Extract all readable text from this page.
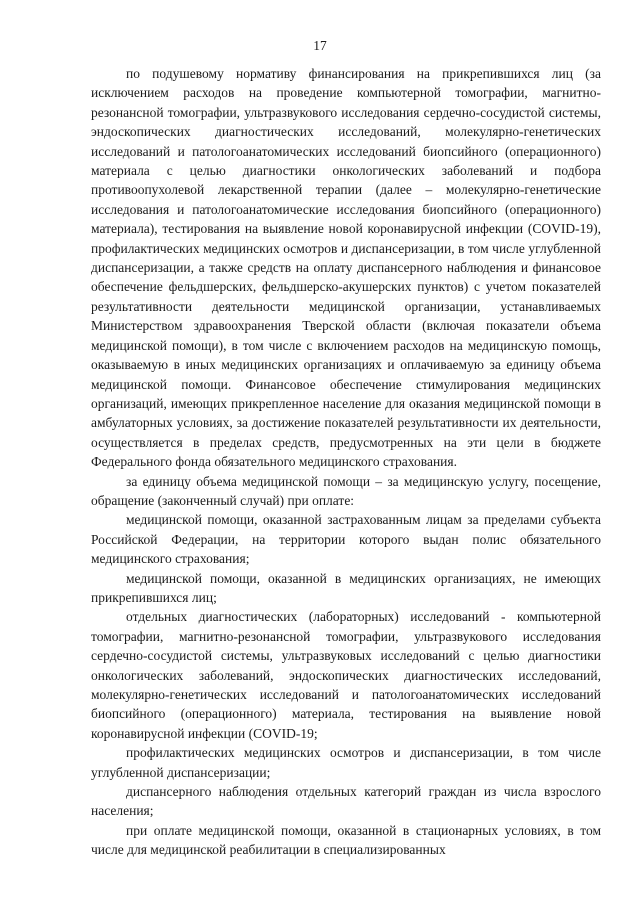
17

по подушевому нормативу финансирования на прикрепившихся лиц (за исключением расходов на проведение компьютерной томографии, магнитно-резонансной томографии, ультразвукового исследования сердечно-сосудистой системы, эндоскопических диагностических исследований, молекулярно-генетических исследований и патологоанатомических исследований биопсийного (операционного) материала с целью диагностики онкологических заболеваний и подбора противоопухолевой лекарственной терапии (далее – молекулярно-генетические исследования и патологоанатомические исследования биопсийного (операционного) материала), тестирования на выявление новой коронавирусной инфекции (COVID-19), профилактических медицинских осмотров и диспансеризации, в том числе углубленной диспансеризации, а также средств на оплату диспансерного наблюдения и финансовое обеспечение фельдшерских, фельдшерско-акушерских пунктов) с учетом показателей результативности деятельности медицинской организации, устанавливаемых Министерством здравоохранения Тверской области (включая показатели объема медицинской помощи), в том числе с включением расходов на медицинскую помощь, оказываемую в иных медицинских организациях и оплачиваемую за единицу объема медицинской помощи. Финансовое обеспечение стимулирования медицинских организаций, имеющих прикрепленное население для оказания медицинской помощи в амбулаторных условиях, за достижение показателей результативности их деятельности, осуществляется в пределах средств, предусмотренных на эти цели в бюджете Федерального фонда обязательного медицинского страхования.

за единицу объема медицинской помощи – за медицинскую услугу, посещение, обращение (законченный случай) при оплате:

медицинской помощи, оказанной застрахованным лицам за пределами субъекта Российской Федерации, на территории которого выдан полис обязательного медицинского страхования;

медицинской помощи, оказанной в медицинских организациях, не имеющих прикрепившихся лиц;

отдельных диагностических (лабораторных) исследований - компьютерной томографии, магнитно-резонансной томографии, ультразвукового исследования сердечно-сосудистой системы, ультразвуковых исследований с целью диагностики онкологических заболеваний, эндоскопических диагностических исследований, молекулярно-генетических исследований и патологоанатомических исследований биопсийного (операционного) материала, тестирования на выявление новой коронавирусной инфекции (COVID-19;

профилактических медицинских осмотров и диспансеризации, в том числе углубленной диспансеризации;

диспансерного наблюдения отдельных категорий граждан из числа взрослого населения;

при оплате медицинской помощи, оказанной в стационарных условиях, в том числе для медицинской реабилитации в специализированных
